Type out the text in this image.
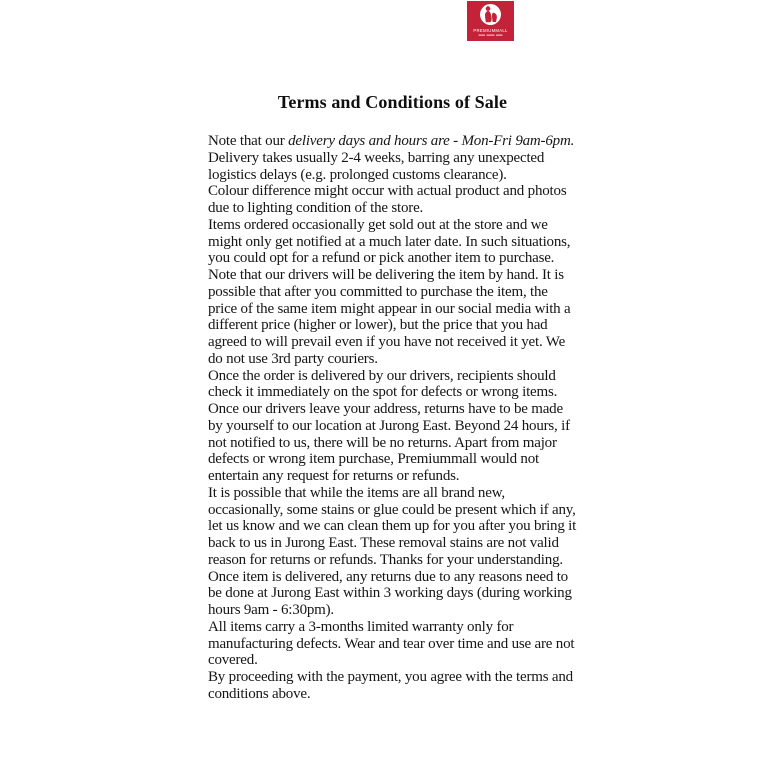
PREMIUMMALL
Terms and Conditions of Sale
Note that our delivery days and hours are - Mon-Fri 9am-6pm.
Delivery takes usually 2-4 weeks, barring any unexpected logistics delays (e.g. prolonged customs clearance).
Colour difference might occur with actual product and photos due to lighting condition of the store.
Items ordered occasionally get sold out at the store and we might only get notified at a much later date. In such situations, you could opt for a refund or pick another item to purchase.
Note that our drivers will be delivering the item by hand. It is possible that after you committed to purchase the item, the price of the same item might appear in our social media with a different price (higher or lower), but the price that you had agreed to will prevail even if you have not received it yet. We do not use 3rd party couriers.
Once the order is delivered by our drivers, recipients should check it immediately on the spot for defects or wrong items.
Once our drivers leave your address, returns have to be made by yourself to our location at Jurong East. Beyond 24 hours, if not notified to us, there will be no returns. Apart from major defects or wrong item purchase, Premiummall would not entertain any request for returns or refunds.
It is possible that while the items are all brand new, occasionally, some stains or glue could be present which if any, let us know and we can clean them up for you after you bring it back to us in Jurong East. These removal stains are not valid reason for returns or refunds. Thanks for your understanding.
Once item is delivered, any returns due to any reasons need to be done at Jurong East within 3 working days (during working hours 9am - 6:30pm).
All items carry a 3-months limited warranty only for manufacturing defects. Wear and tear over time and use are not covered.
By proceeding with the payment, you agree with the terms and conditions above.
